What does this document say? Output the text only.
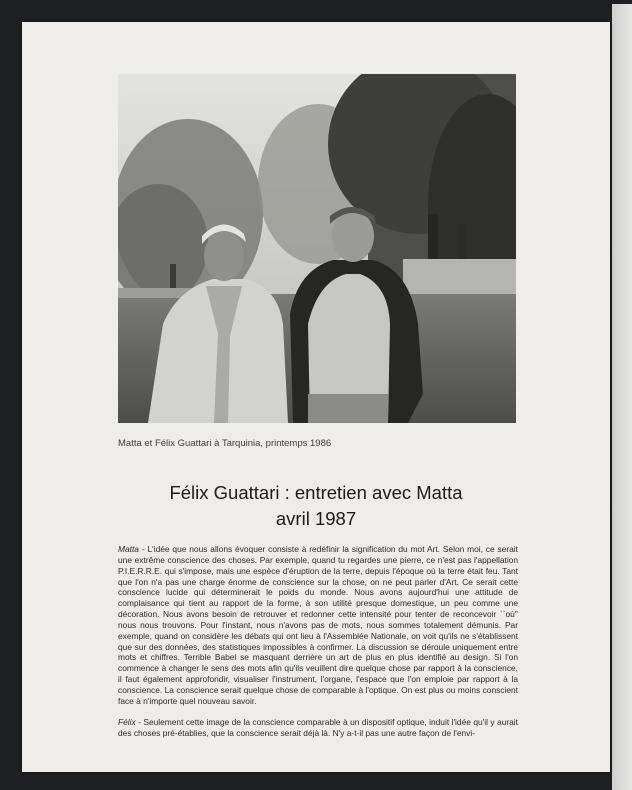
Matta et Félix Guattari à Tarquinia, printemps 1986
Félix Guattari : entretien avec Matta
avril 1987

Matta - L'idée que nous allons évoquer consiste à redéfinir la signification du mot Art. Selon moi, ce serait une extrême conscience des choses. Par exemple, quand tu regardes une pierre, ce n'est pas l'appellation P.I.E.R.R.E. qui s'impose, mais une espèce d'éruption de la terre, depuis l'époque où la terre était feu. Tant que l'on n'a pas une charge énorme de conscience sur la chose, on ne peut parler d'Art. Ce serait cette conscience lucide qui déterminerait le poids du monde. Nous avons aujourd'hui une attitude de complaisance qui tient au rapport de la forme, à son utilité presque domestique, un peu comme une décoration. Nous avons besoin de retrouver et redonner cette intensité pour tenter de reconcevoir ``où'' nous nous trouvons. Pour l'instant, nous n'avons pas de mots, nous sommes totalement démunis. Par exemple, quand on considère les débats qui ont lieu à l'Assemblée Nationale, on voit qu'ils ne s'établissent que sur des données, des statistiques impossibles à confirmer. La discussion se déroule uniquement entre mots et chiffres. Terrible Babel se masquant derrière un art de plus en plus identifié au design. Si l'on commence à changer le sens des mots afin qu'ils veuillent dire quelque chose par rapport à la conscience, il faut également approfondir, visualiser l'instrument, l'organe, l'espace que l'on emploie par rapport à la conscience. La conscience serait quelque chose de comparable à l'optique. On est plus ou moins conscient face à n'importe quel nouveau savoir.

Félix - Seulement cette image de la conscience comparable à un dispositif optique, induit l'idée qu'il y aurait des choses pré-établies, que la conscience serait déjà là. N'y a-t-il pas une autre façon de l'envi-
